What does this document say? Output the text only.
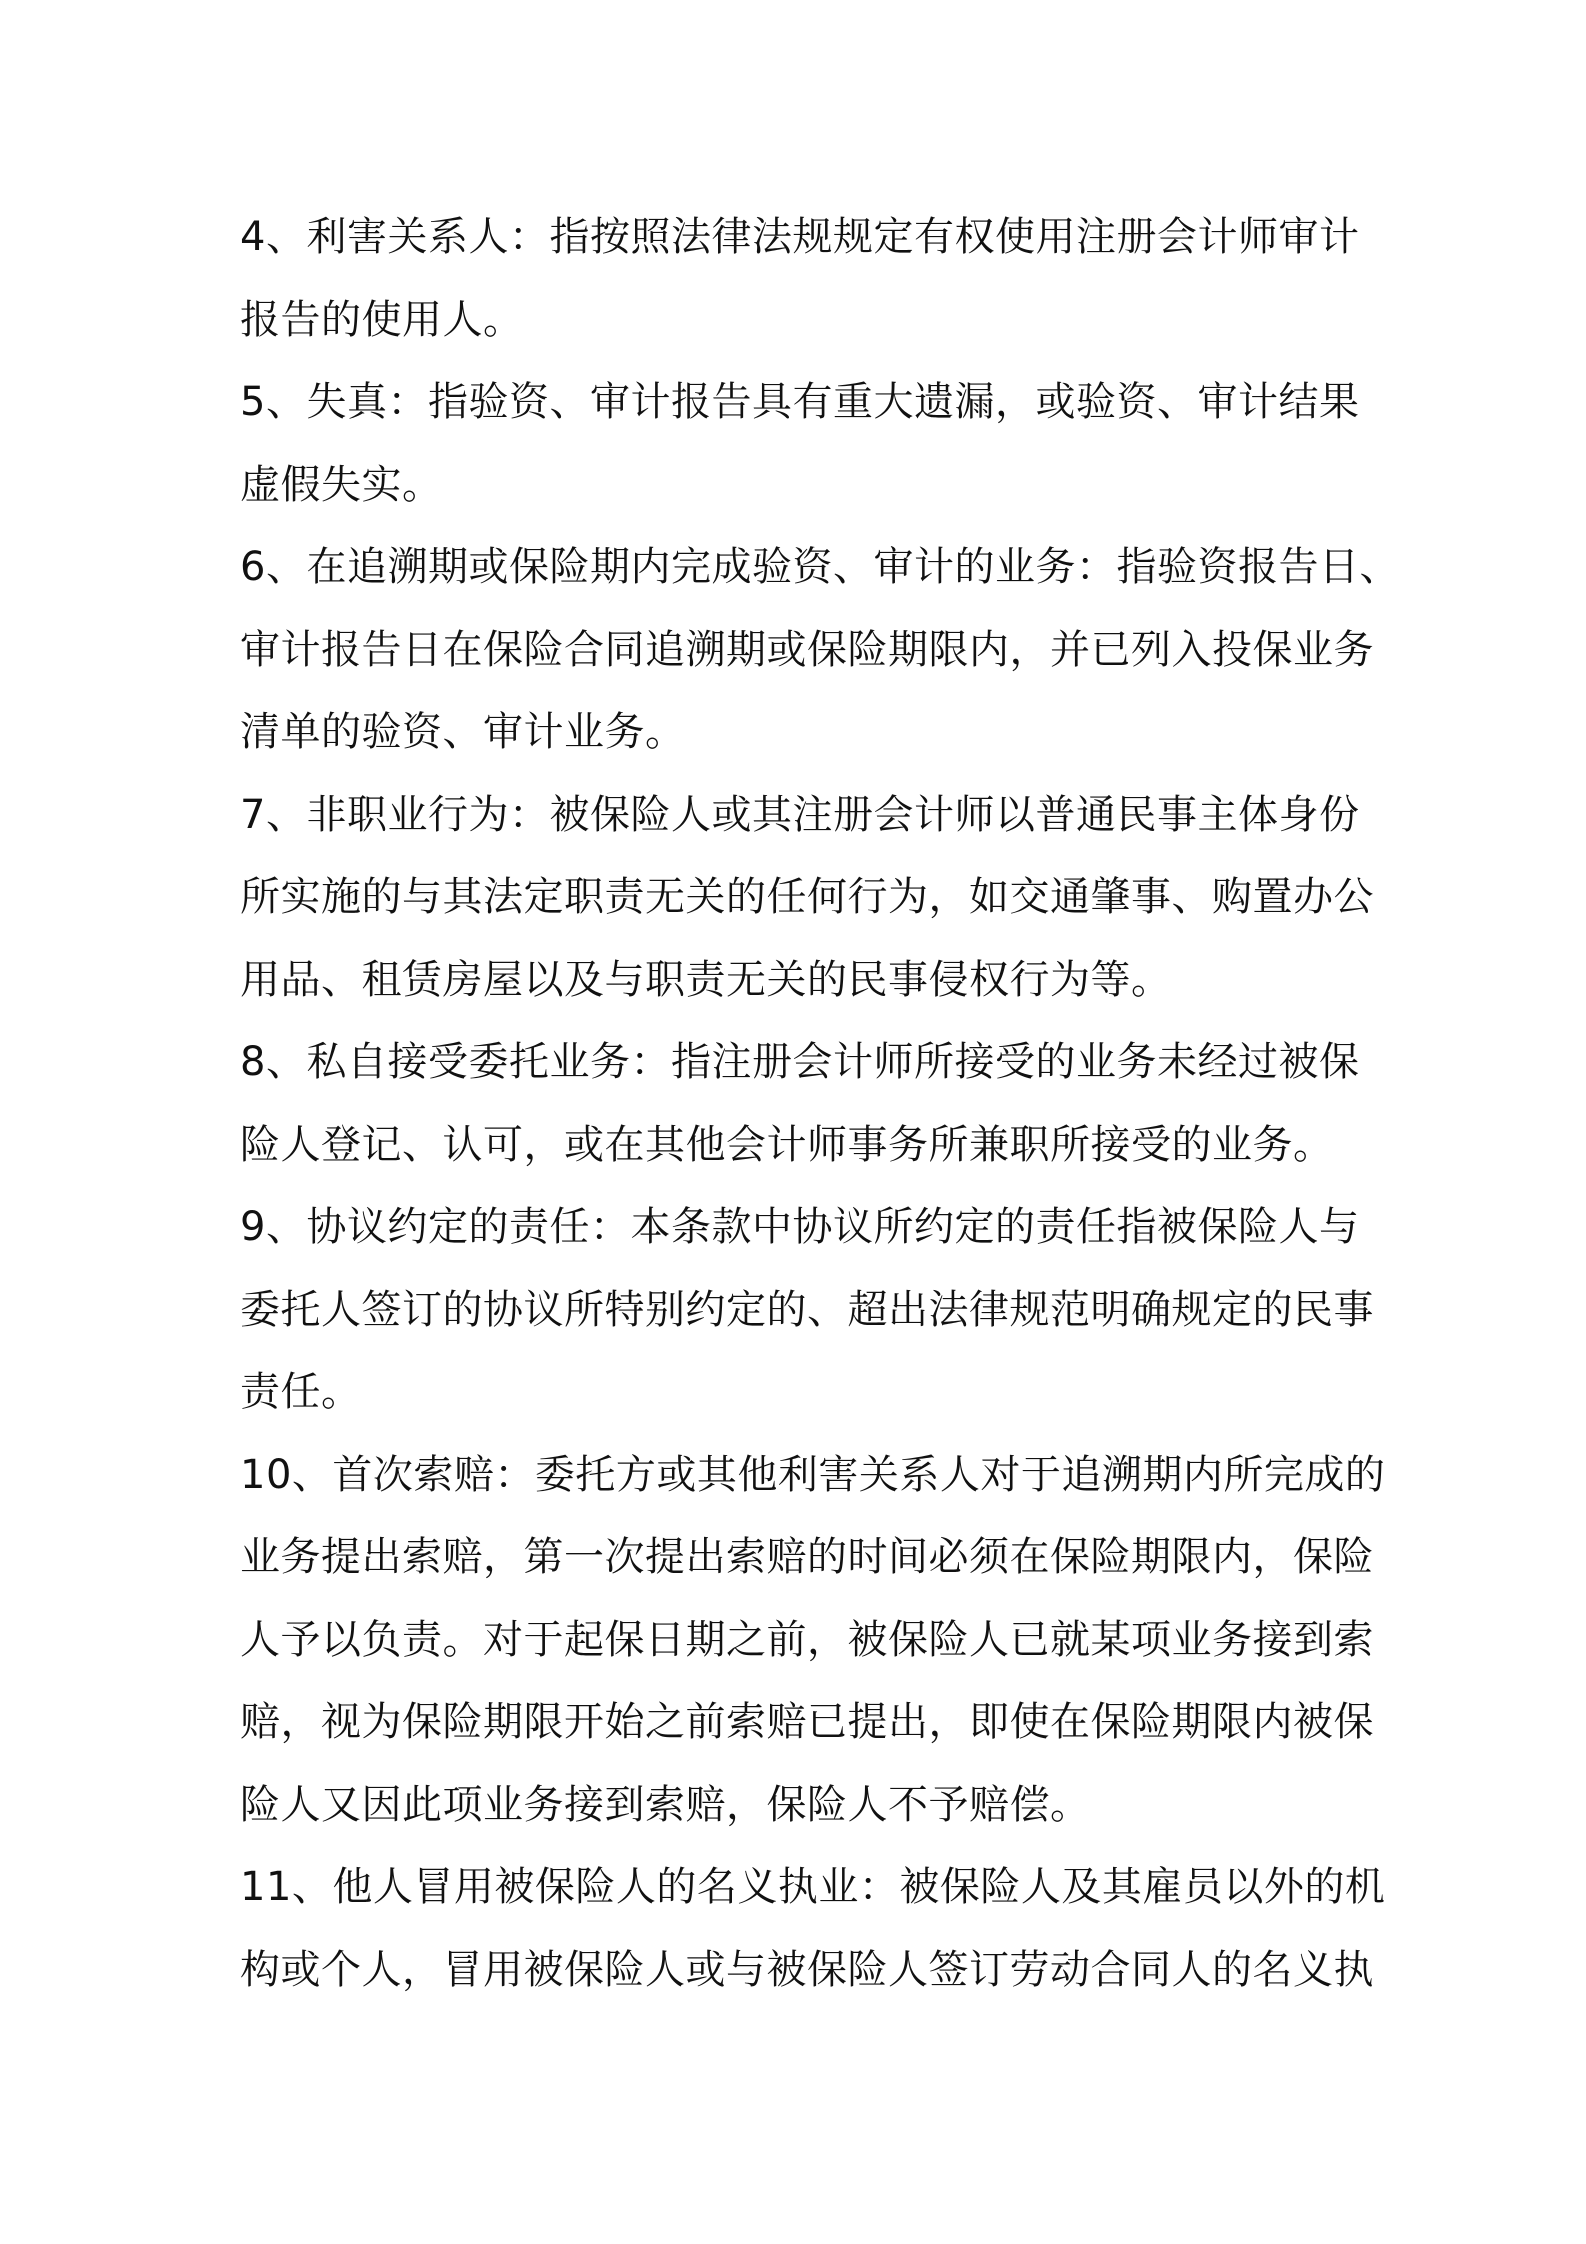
4、利害关系人：指按照法律法规规定有权使用注册会计师审计
报告的使用人。
5、失真：指验资、审计报告具有重大遗漏，或验资、审计结果
虚假失实。
6、在追溯期或保险期内完成验资、审计的业务：指验资报告日、
审计报告日在保险合同追溯期或保险期限内，并已列入投保业务
清单的验资、审计业务。
7、非职业行为：被保险人或其注册会计师以普通民事主体身份
所实施的与其法定职责无关的任何行为，如交通肇事、购置办公
用品、租赁房屋以及与职责无关的民事侵权行为等。
8、私自接受委托业务：指注册会计师所接受的业务未经过被保
险人登记、认可，或在其他会计师事务所兼职所接受的业务。
9、协议约定的责任：本条款中协议所约定的责任指被保险人与
委托人签订的协议所特别约定的、超出法律规范明确规定的民事
责任。
10、首次索赔：委托方或其他利害关系人对于追溯期内所完成的
业务提出索赔，第一次提出索赔的时间必须在保险期限内，保险
人予以负责。对于起保日期之前，被保险人已就某项业务接到索
赔，视为保险期限开始之前索赔已提出，即使在保险期限内被保
险人又因此项业务接到索赔，保险人不予赔偿。
11、他人冒用被保险人的名义执业：被保险人及其雇员以外的机
构或个人，冒用被保险人或与被保险人签订劳动合同人的名义执
